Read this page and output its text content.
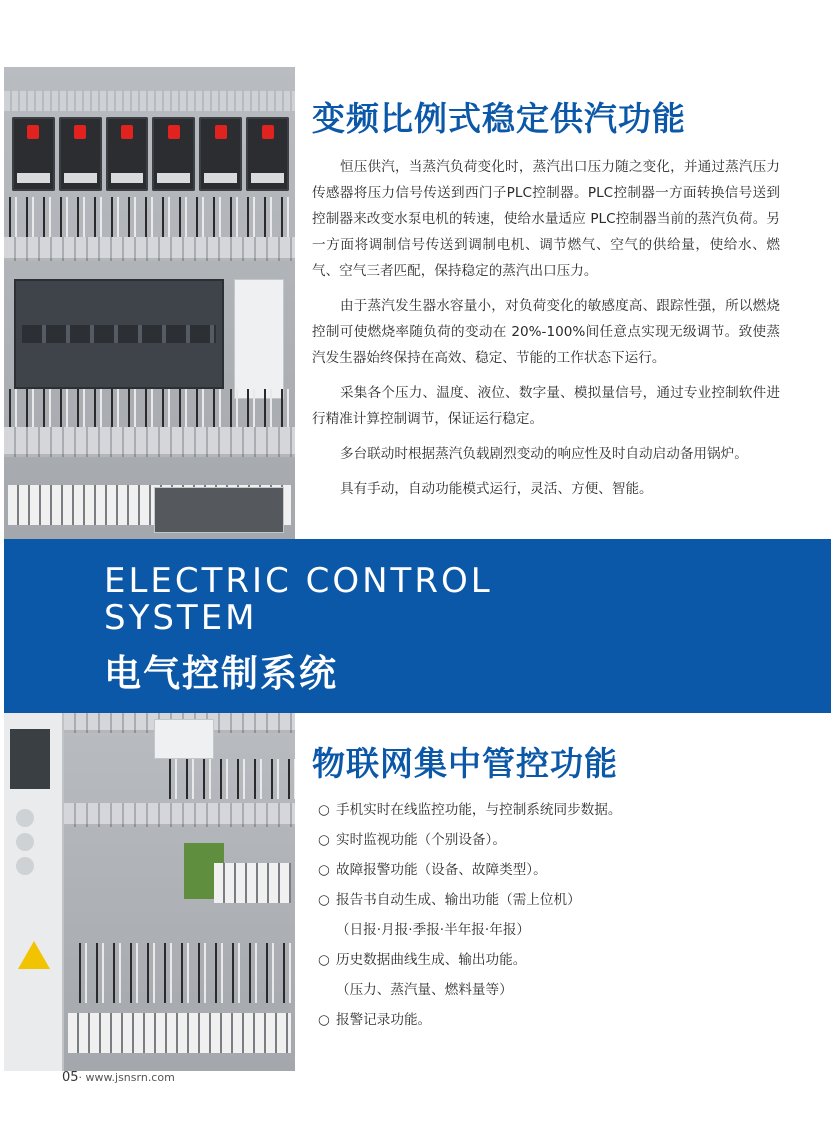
变频比例式稳定供汽功能

恒压供汽，当蒸汽负荷变化时，蒸汽出口压力随之变化，并通过蒸汽压力传感器将压力信号传送到西门子PLC控制器。PLC控制器一方面转换信号送到控制器来改变水泵电机的转速，使给水量适应 PLC控制器当前的蒸汽负荷。另一方面将调制信号传送到调制电机、调节燃气、空气的供给量，使给水、燃气、空气三者匹配，保持稳定的蒸汽出口压力。

由于蒸汽发生器水容量小，对负荷变化的敏感度高、跟踪性强，所以燃烧控制可使燃烧率随负荷的变动在 20%-100%间任意点实现无级调节。致使蒸汽发生器始终保持在高效、稳定、节能的工作状态下运行。

采集各个压力、温度、液位、数字量、模拟量信号，通过专业控制软件进行精准计算控制调节，保证运行稳定。

多台联动时根据蒸汽负载剧烈变动的响应性及时自动启动备用锅炉。

具有手动，自动功能模式运行，灵活、方便、智能。

ELECTRIC CONTROL
SYSTEM
电气控制系统
物联网集中管控功能
○ 手机实时在线监控功能，与控制系统同步数据。
○ 实时监视功能（个别设备）。
○ 故障报警功能（设备、故障类型）。
○ 报告书自动生成、输出功能（需上位机）
（日报·月报·季报·半年报·年报）
○ 历史数据曲线生成、输出功能。
（压力、蒸汽量、燃料量等）
○ 报警记录功能。
05· www.jsnsrn.com
